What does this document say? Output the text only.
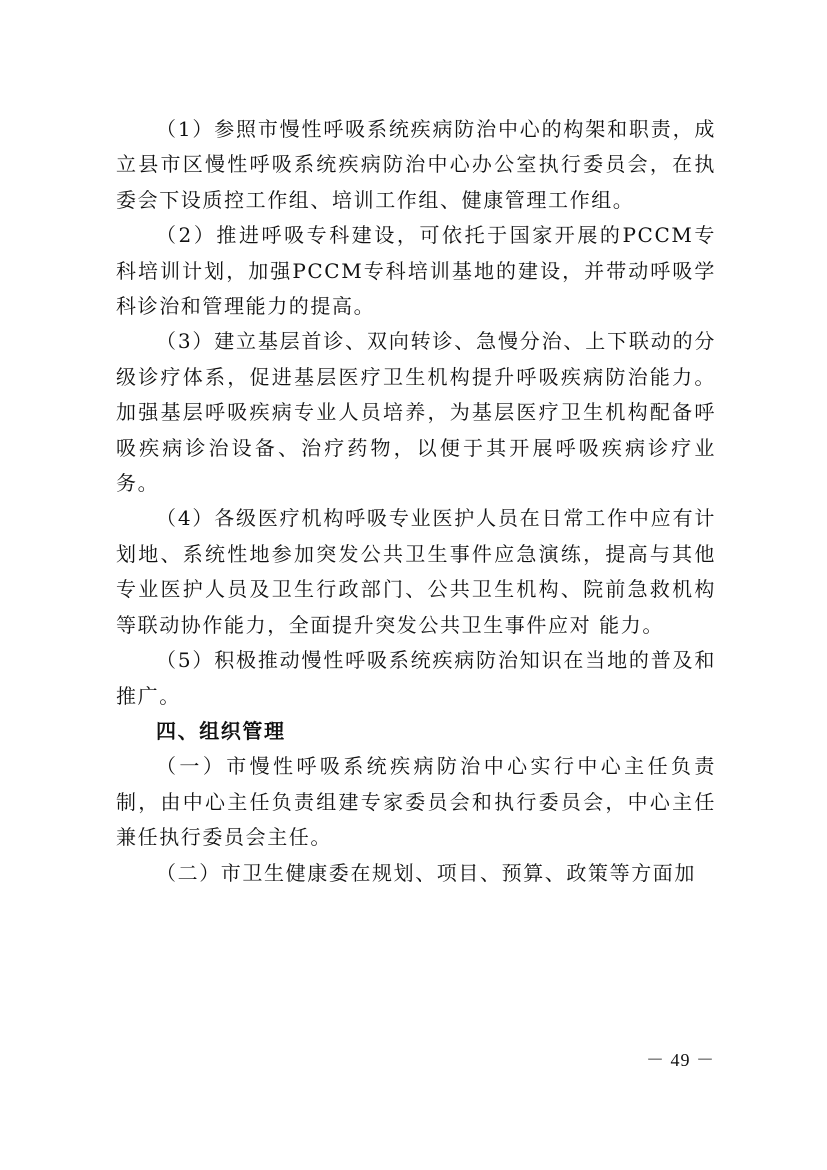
（1）参照市慢性呼吸系统疾病防治中心的构架和职责，成立县市区慢性呼吸系统疾病防治中心办公室执行委员会，在执委会下设质控工作组、培训工作组、健康管理工作组。

（2）推进呼吸专科建设，可依托于国家开展的PCCM专科培训计划，加强PCCM专科培训基地的建设，并带动呼吸学科诊治和管理能力的提高。

（3）建立基层首诊、双向转诊、急慢分治、上下联动的分级诊疗体系，促进基层医疗卫生机构提升呼吸疾病防治能力。加强基层呼吸疾病专业人员培养，为基层医疗卫生机构配备呼吸疾病诊治设备、治疗药物，以便于其开展呼吸疾病诊疗业务。

（4）各级医疗机构呼吸专业医护人员在日常工作中应有计划地、系统性地参加突发公共卫生事件应急演练，提高与其他专业医护人员及卫生行政部门、公共卫生机构、院前急救机构等联动协作能力，全面提升突发公共卫生事件应对 能力。

（5）积极推动慢性呼吸系统疾病防治知识在当地的普及和推广。

四、组织管理

（一）市慢性呼吸系统疾病防治中心实行中心主任负责制，由中心主任负责组建专家委员会和执行委员会，中心主任兼任执行委员会主任。

（二）市卫生健康委在规划、项目、预算、政策等方面加

－ 49 －
